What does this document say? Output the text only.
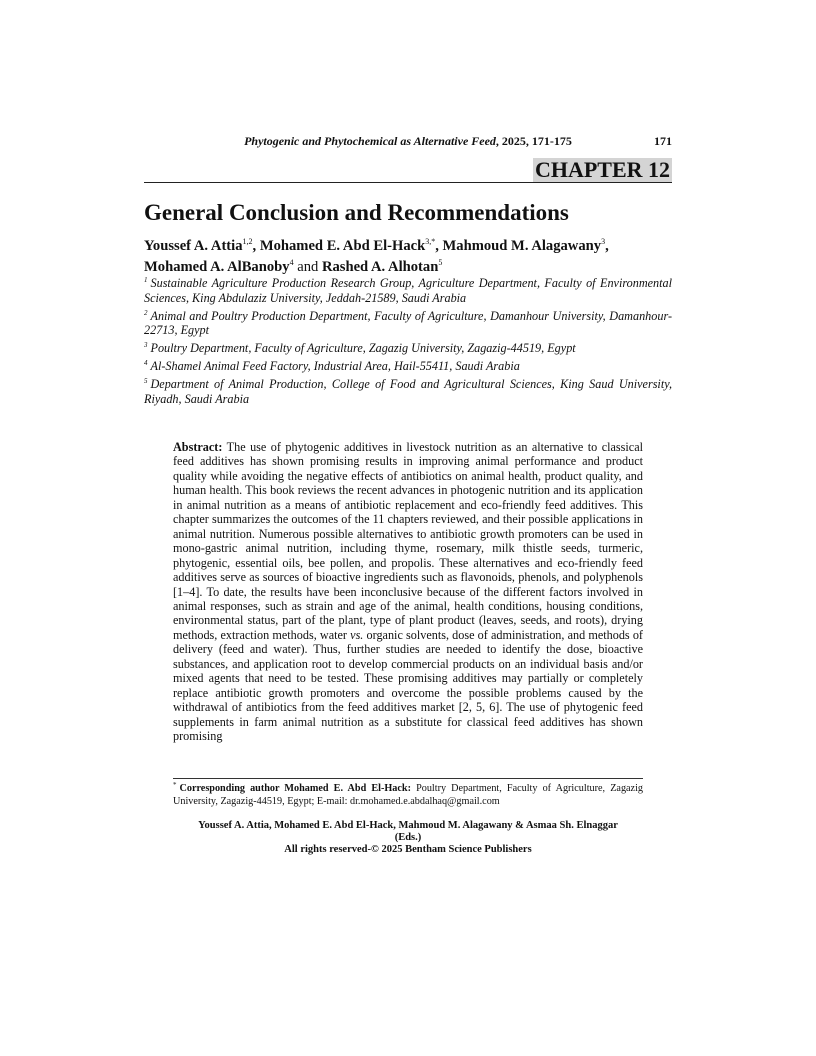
Phytogenic and Phytochemical as Alternative Feed, 2025, 171-175	171
CHAPTER 12
General Conclusion and Recommendations
Youssef A. Attia$^{1,2}$, Mohamed E. Abd El-Hack$^{3,*}$, Mahmoud M. Alagawany$^3$,
Mohamed A. AlBanoby$^4$ and Rashed A. Alhotan$^5$

$^1$ Sustainable Agriculture Production Research Group, Agriculture Department, Faculty of Environmental Sciences, King Abdulaziz University, Jeddah-21589, Saudi Arabia

$^2$ Animal and Poultry Production Department, Faculty of Agriculture, Damanhour University, Damanhour-22713, Egypt

$^3$ Poultry Department, Faculty of Agriculture, Zagazig University, Zagazig-44519, Egypt

$^4$ Al-Shamel Animal Feed Factory, Industrial Area, Hail-55411, Saudi Arabia

$^5$ Department of Animal Production, College of Food and Agricultural Sciences, King Saud University, Riyadh, Saudi Arabia

Abstract: The use of phytogenic additives in livestock nutrition as an alternative to classical feed additives has shown promising results in improving animal performance and product quality while avoiding the negative effects of antibiotics on animal health, product quality, and human health. This book reviews the recent advances in photogenic nutrition and its application in animal nutrition as a means of antibiotic replacement and eco-friendly feed additives. This chapter summarizes the outcomes of the 11 chapters reviewed, and their possible applications in animal nutrition. Numerous possible alternatives to antibiotic growth promoters can be used in mono-gastric animal nutrition, including thyme, rosemary, milk thistle seeds, turmeric, phytogenic, essential oils, bee pollen, and propolis. These alternatives and eco-friendly feed additives serve as sources of bioactive ingredients such as flavonoids, phenols, and polyphenols [1–4]. To date, the results have been inconclusive because of the different factors involved in animal responses, such as strain and age of the animal, health conditions, housing conditions, environmental status, part of the plant, type of plant product (leaves, seeds, and roots), drying methods, extraction methods, water vs. organic solvents, dose of administration, and methods of delivery (feed and water). Thus, further studies are needed to identify the dose, bioactive substances, and application root to develop commercial products on an individual basis and/or mixed agents that need to be tested. These promising additives may partially or completely replace antibiotic growth promoters and overcome the possible problems caused by the withdrawal of antibiotics from the feed additives market [2, 5, 6]. The use of phytogenic feed supplements in farm animal nutrition as a substitute for classical feed additives has shown promising
* Corresponding author Mohamed E. Abd El-Hack: Poultry Department, Faculty of Agriculture, Zagazig University, Zagazig-44519, Egypt; E-mail: dr.mohamed.e.abdalhaq@gmail.com
Youssef A. Attia, Mohamed E. Abd El-Hack, Mahmoud M. Alagawany & Asmaa Sh. Elnaggar
(Eds.)
All rights reserved-© 2025 Bentham Science Publishers
